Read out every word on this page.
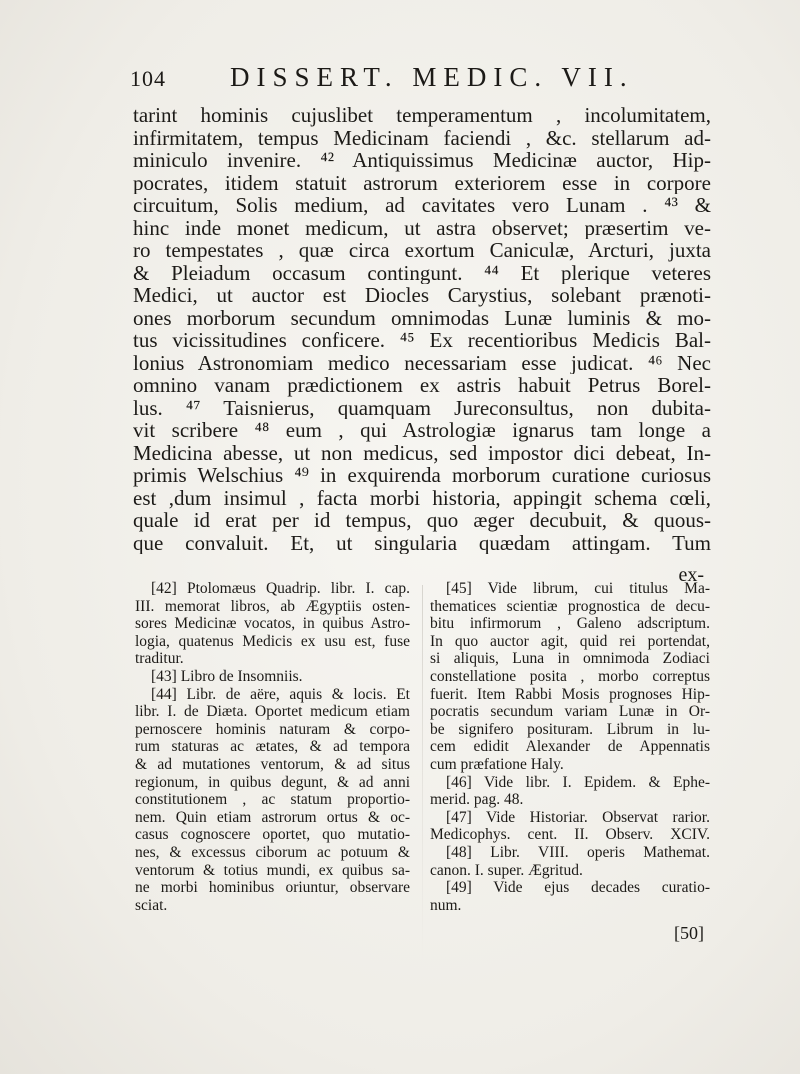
104 DISSERT. MEDIC. VII.
tarint hominis cujuslibet temperamentum , incolumitatem,
infirmitatem, tempus Medicinam faciendi , &c. stellarum ad-
miniculo invenire. ⁴² Antiquissimus Medicinæ auctor, Hip-
pocrates, itidem statuit astrorum exteriorem esse in corpore
circuitum, Solis medium, ad cavitates vero Lunam . ⁴³ &
hinc inde monet medicum, ut astra observet; præsertim ve-
ro tempestates , quæ circa exortum Caniculæ, Arcturi, juxta
& Pleiadum occasum contingunt. ⁴⁴ Et plerique veteres
Medici, ut auctor est Diocles Carystius, solebant prænoti-
ones morborum secundum omnimodas Lunæ luminis & mo-
tus vicissitudines conficere. ⁴⁵ Ex recentioribus Medicis Bal-
lonius Astronomiam medico necessariam esse judicat. ⁴⁶ Nec
omnino vanam prædictionem ex astris habuit Petrus Borel-
lus. ⁴⁷ Taisnierus, quamquam Jureconsultus, non dubita-
vit scribere ⁴⁸ eum , qui Astrologiæ ignarus tam longe a
Medicina abesse, ut non medicus, sed impostor dici debeat, In-
primis Welschius ⁴⁹ in exquirenda morborum curatione curiosus
est ,dum insimul , facta morbi historia, appingit schema cœli,
quale id erat per id tempus, quo æger decubuit, & quous-
que convaluit. Et, ut singularia quædam attingam. Tum
ex-
[42] Ptolomæus Quadrip. libr. I. cap.
III. memorat libros, ab Ægyptiis osten-
sores Medicinæ vocatos, in quibus Astro-
logia, quatenus Medicis ex usu est, fuse
traditur.
[43] Libro de Insomniis.
[44] Libr. de aëre, aquis & locis. Et
libr. I. de Diæta. Oportet medicum etiam
pernoscere hominis naturam & corpo-
rum staturas ac ætates, & ad tempora
& ad mutationes ventorum, & ad situs
regionum, in quibus degunt, & ad anni
constitutionem , ac statum proportio-
nem. Quin etiam astrorum ortus & oc-
casus cognoscere oportet, quo mutatio-
nes, & excessus ciborum ac potuum &
ventorum & totius mundi, ex quibus sa-
ne morbi hominibus oriuntur, observare
sciat.
[45] Vide librum, cui titulus Ma-
thematices scientiæ prognostica de decu-
bitu infirmorum , Galeno adscriptum.
In quo auctor agit, quid rei portendat,
si aliquis, Luna in omnimoda Zodiaci
constellatione posita , morbo correptus
fuerit. Item Rabbi Mosis prognoses Hip-
pocratis secundum variam Lunæ in Or-
be signifero posituram. Librum in lu-
cem edidit Alexander de Appennatis
cum præfatione Haly.
[46] Vide libr. I. Epidem. & Ephe-
merid. pag. 48.
[47] Vide Historiar. Observat rarior.
Medicophys. cent. II. Observ. XCIV.
[48] Libr. VIII. operis Mathemat.
canon. I. super. Ægritud.
[49] Vide ejus decades curatio-
num.
[50]
